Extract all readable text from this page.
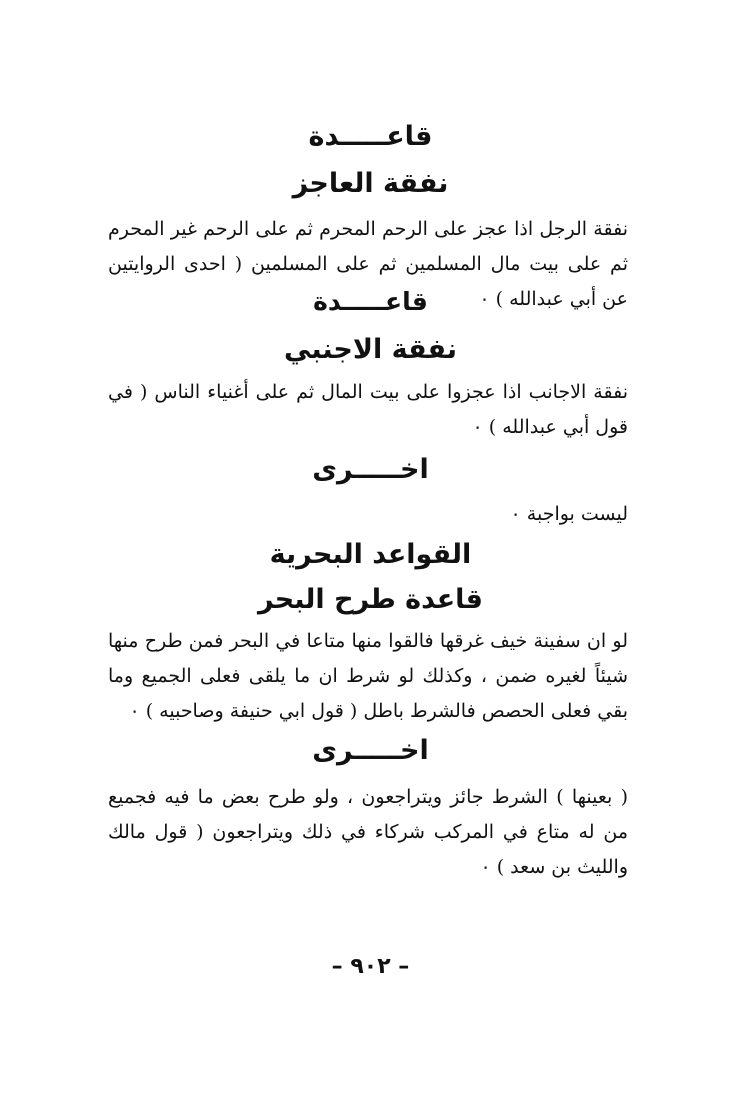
قاعـــــدة
نفقة العاجز

نفقة الرجل اذا عجز على الرحم المحرم ثم على الرحم غير المحرم ثم على بيت مال المسلمين ثم على المسلمين ( احدى الروايتين عن أبي عبدالله ) ٠

قاعـــــدة
نفقة الاجنبي

نفقة الاجانب اذا عجزوا على بيت المال ثم على أغنياء الناس ( في قول أبي عبدالله ) ٠

اخـــــرى

ليست بواجبة ٠

القواعد البحرية
قاعدة طرح البحر

لو ان سفينة خيف غرقها فالقوا منها متاعا في البحر فمن طرح منها شيئاً لغيره ضمن ، وكذلك لو شرط ان ما يلقى فعلى الجميع وما بقي فعلى الحصص فالشرط باطل ( قول ابي حنيفة وصاحبيه ) ٠

اخـــــرى

( بعينها ) الشرط جائز ويتراجعون ، ولو طرح بعض ما فيه فجميع من له متاع في المركب شركاء في ذلك ويتراجعون ( قول مالك والليث بن سعد ) ٠

– ٩٠٢ –
